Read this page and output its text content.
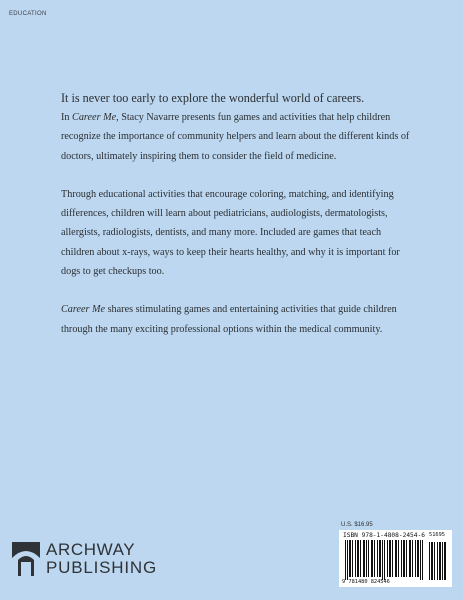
EDUCATION
It is never too early to explore the wonderful world of careers.

In Career Me, Stacy Navarre presents fun games and activities that help children recognize the importance of community helpers and learn about the different kinds of doctors, ultimately inspiring them to consider the field of medicine.

Through educational activities that encourage coloring, matching, and identifying differences, children will learn about pediatricians, audiologists, dermatologists, allergists, radiologists, dentists, and many more. Included are games that teach children about x-rays, ways to keep their hearts healthy, and why it is important for dogs to get checkups too.

Career Me shares stimulating games and entertaining activities that guide children through the many exciting professional options within the medical community.

ARCHWAY
PUBLISHING
U.S. $16.95
ISBN 978-1-4808-2454-6 51695
9 781480 824546
